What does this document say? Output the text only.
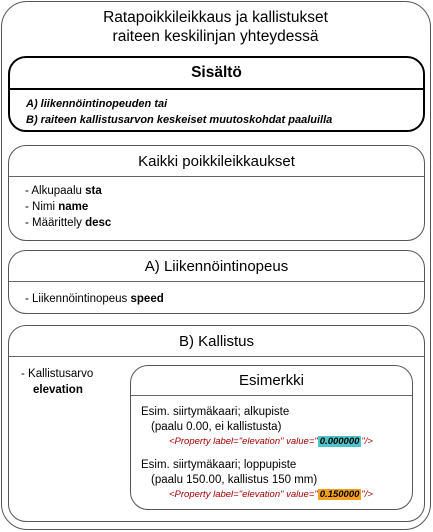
Ratapoikkileikkaus ja kallistukset
raiteen keskilinjan yhteydessä
Sisältö
A) liikennöintinopeuden tai
B) raiteen kallistusarvon keskeiset muutoskohdat paaluilla
Kaikki poikkileikkaukset
- Alkupaalu sta
- Nimi name
- Määrittely desc
A) Liikennöintinopeus
- Liikennöintinopeus speed
B) Kallistus
- Kallistusarvo
elevation
Esimerkki
Esim. siirtymäkaari; alkupiste
(paalu 0.00, ei kallistusta)
<Property label="elevation" value=" 0.000000 "/>
Esim. siirtymäkaari; loppupiste
(paalu 150.00, kallistus 150 mm)
<Property label="elevation" value=" 0.150000 "/>
